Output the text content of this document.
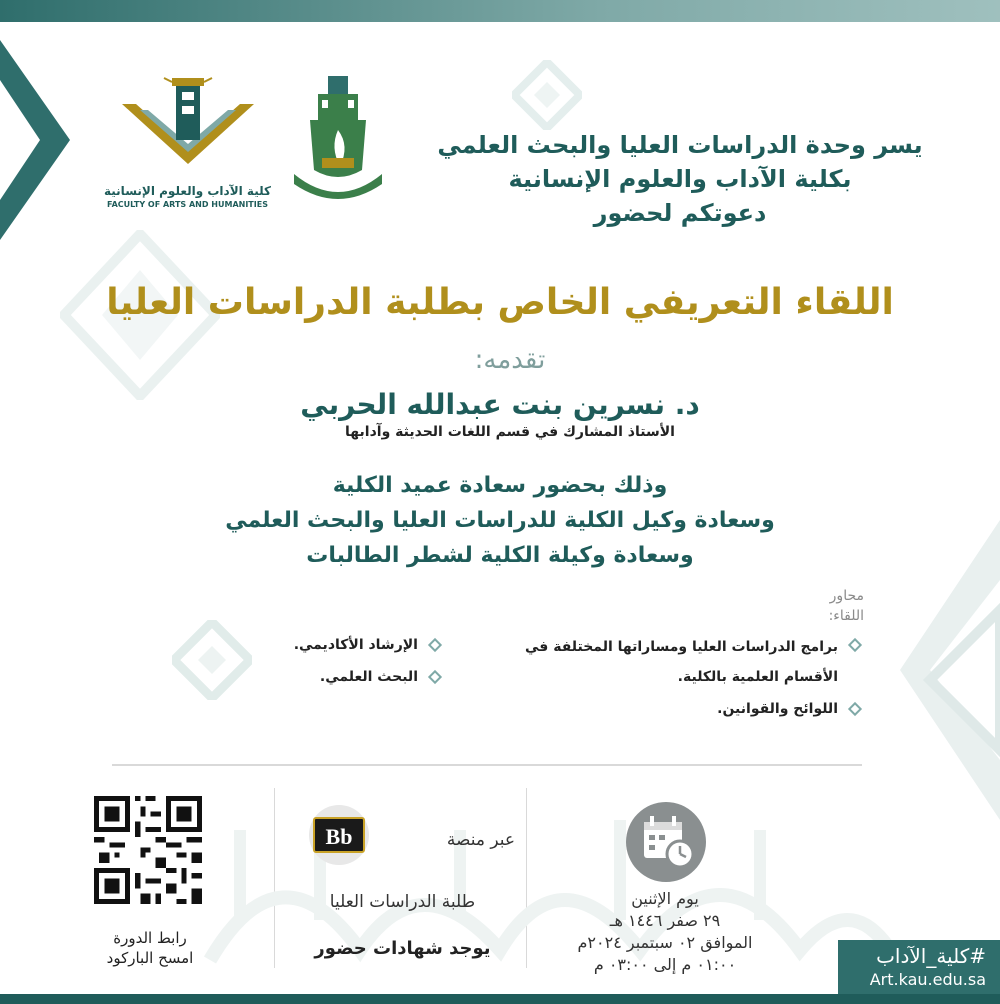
كلية الآداب والعلوم الإنسانية
FACULTY OF ARTS AND HUMANITIES
يسر وحدة الدراسات العليا والبحث العلمي
بكلية الآداب والعلوم الإنسانية
دعوتكم لحضور
اللقاء التعريفي الخاص بطلبة الدراسات العليا
تقدمه:
د. نسرين بنت عبدالله الحربي
الأستاذ المشارك في قسم اللغات الحديثة وآدابها
وذلك بحضور سعادة عميد الكلية
وسعادة وكيل الكلية للدراسات العليا والبحث العلمي
وسعادة وكيلة الكلية لشطر الطالبات
محاور اللقاء:
برامج الدراسات العليا ومساراتها المختلفة في الأقسام العلمية بالكلية.
اللوائح والقوانين.
الإرشاد الأكاديمي.
البحث العلمي.
يوم الإثنين
٢٩ صفر ١٤٤٦ هـ
الموافق ٠٢ سبتمبر ٢٠٢٤م
٠١:٠٠ م إلى ٠٣:٠٠ م
Bb	عبر منصة
طلبة الدراسات العليا
يوجد شهادات حضور
رابط الدورة
امسح الباركود	#كلية_الآداب
Art.kau.edu.sa
